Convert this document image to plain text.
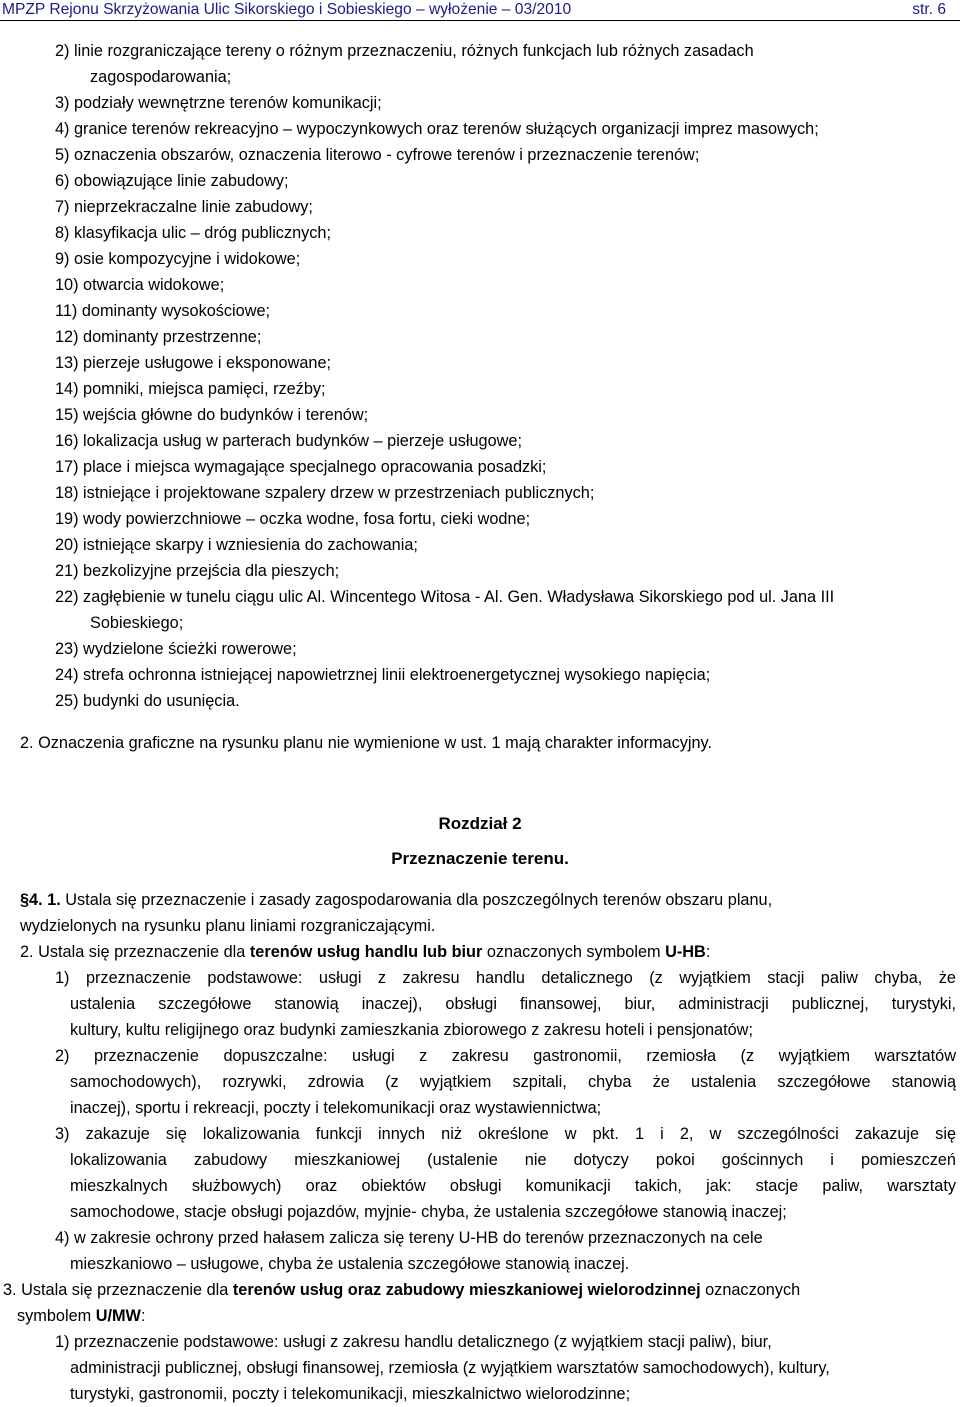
MPZP Rejonu Skrzyżowania Ulic Sikorskiego i Sobieskiego – wyłożenie – 03/2010	str. 6
2) linie rozgraniczające tereny o różnym przeznaczeniu, różnych funkcjach lub różnych zasadach
zagospodarowania;
3) podziały wewnętrzne terenów komunikacji;
4) granice terenów rekreacyjno – wypoczynkowych oraz terenów służących organizacji imprez masowych;
5) oznaczenia obszarów, oznaczenia literowo - cyfrowe terenów i przeznaczenie terenów;
6) obowiązujące linie zabudowy;
7) nieprzekraczalne linie zabudowy;
8) klasyfikacja ulic – dróg publicznych;
9) osie kompozycyjne i widokowe;
10) otwarcia widokowe;
11) dominanty wysokościowe;
12) dominanty przestrzenne;
13) pierzeje usługowe i eksponowane;
14) pomniki, miejsca pamięci, rzeźby;
15) wejścia główne do budynków i terenów;
16) lokalizacja usług w parterach budynków – pierzeje usługowe;
17) place i miejsca wymagające specjalnego opracowania posadzki;
18) istniejące i projektowane szpalery drzew w przestrzeniach publicznych;
19) wody powierzchniowe – oczka wodne, fosa fortu, cieki wodne;
20) istniejące skarpy i wzniesienia do zachowania;
21) bezkolizyjne przejścia dla pieszych;
22) zagłębienie w tunelu ciągu ulic Al. Wincentego Witosa - Al. Gen. Władysława Sikorskiego pod ul. Jana III
Sobieskiego;
23) wydzielone ścieżki rowerowe;
24) strefa ochronna istniejącej napowietrznej linii elektroenergetycznej wysokiego napięcia;
25) budynki do usunięcia.
2. Oznaczenia graficzne na rysunku planu nie wymienione w ust. 1 mają charakter informacyjny.
Rozdział 2
Przeznaczenie terenu.
§4. 1. Ustala się przeznaczenie i zasady zagospodarowania dla poszczególnych terenów obszaru planu,
wydzielonych na rysunku planu liniami rozgraniczającymi.
2. Ustala się przeznaczenie dla terenów usług handlu lub biur oznaczonych symbolem U-HB:
1) przeznaczenie podstawowe: usługi z zakresu handlu detalicznego (z wyjątkiem stacji paliw chyba, że
ustalenia szczegółowe stanowią inaczej), obsługi finansowej, biur, administracji publicznej, turystyki,
kultury, kultu religijnego oraz budynki zamieszkania zbiorowego z zakresu hoteli i pensjonatów;
2) przeznaczenie dopuszczalne: usługi z zakresu gastronomii, rzemiosła (z wyjątkiem warsztatów
samochodowych), rozrywki, zdrowia (z wyjątkiem szpitali, chyba że ustalenia szczegółowe stanowią
inaczej), sportu i rekreacji, poczty i telekomunikacji oraz wystawiennictwa;
3) zakazuje się lokalizowania funkcji innych niż określone w pkt. 1 i 2, w szczególności zakazuje się
lokalizowania zabudowy mieszkaniowej (ustalenie nie dotyczy pokoi gościnnych i pomieszczeń
mieszkalnych służbowych) oraz obiektów obsługi komunikacji takich, jak: stacje paliw, warsztaty
samochodowe, stacje obsługi pojazdów, myjnie- chyba, że ustalenia szczegółowe stanowią inaczej;
4) w zakresie ochrony przed hałasem zalicza się tereny U-HB do terenów przeznaczonych na cele
mieszkaniowo – usługowe, chyba że ustalenia szczegółowe stanowią inaczej.
3. Ustala się przeznaczenie dla terenów usług oraz zabudowy mieszkaniowej wielorodzinnej oznaczonych
symbolem U/MW:
1) przeznaczenie podstawowe: usługi z zakresu handlu detalicznego (z wyjątkiem stacji paliw), biur,
administracji publicznej, obsługi finansowej, rzemiosła (z wyjątkiem warsztatów samochodowych), kultury,
turystyki, gastronomii, poczty i telekomunikacji, mieszkalnictwo wielorodzinne;
